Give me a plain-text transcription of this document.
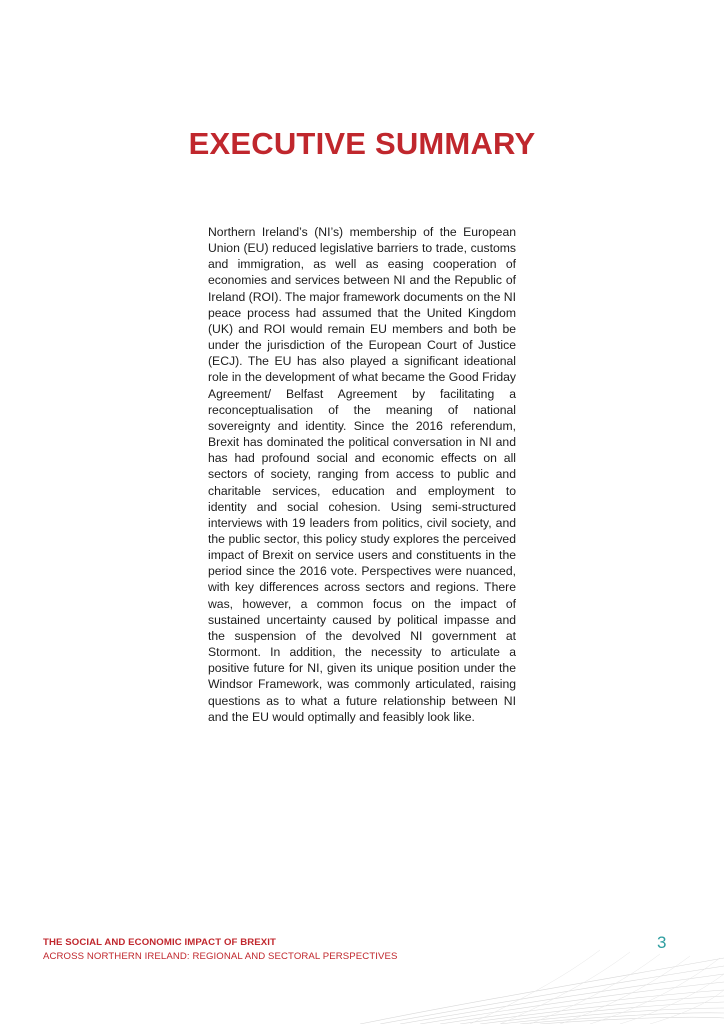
EXECUTIVE SUMMARY

Northern Ireland’s (NI’s) membership of the European Union (EU) reduced legislative barriers to trade, customs and immigration, as well as easing cooperation of economies and services between NI and the Republic of Ireland (ROI). The major framework documents on the NI peace process had assumed that the United Kingdom (UK) and ROI would remain EU members and both be under the jurisdiction of the European Court of Justice (ECJ). The EU has also played a significant ideational role in the development of what became the Good Friday Agreement/ Belfast Agreement by facilitating a reconceptualisation of the meaning of national sovereignty and identity. Since the 2016 referendum, Brexit has dominated the political conversation in NI and has had profound social and economic effects on all sectors of society, ranging from access to public and charitable services, education and employment to identity and social cohesion. Using semi-structured interviews with 19 leaders from politics, civil society, and the public sector, this policy study explores the perceived impact of Brexit on service users and constituents in the period since the 2016 vote. Perspectives were nuanced, with key differences across sectors and regions. There was, however, a common focus on the impact of sustained uncertainty caused by political impasse and the suspension of the devolved NI government at Stormont. In addition, the necessity to articulate a positive future for NI, given its unique position under the Windsor Framework, was commonly articulated, raising questions as to what a future relationship between NI and the EU would optimally and feasibly look like.

THE SOCIAL AND ECONOMIC IMPACT OF BREXIT
ACROSS NORTHERN IRELAND: REGIONAL AND SECTORAL PERSPECTIVES
3
